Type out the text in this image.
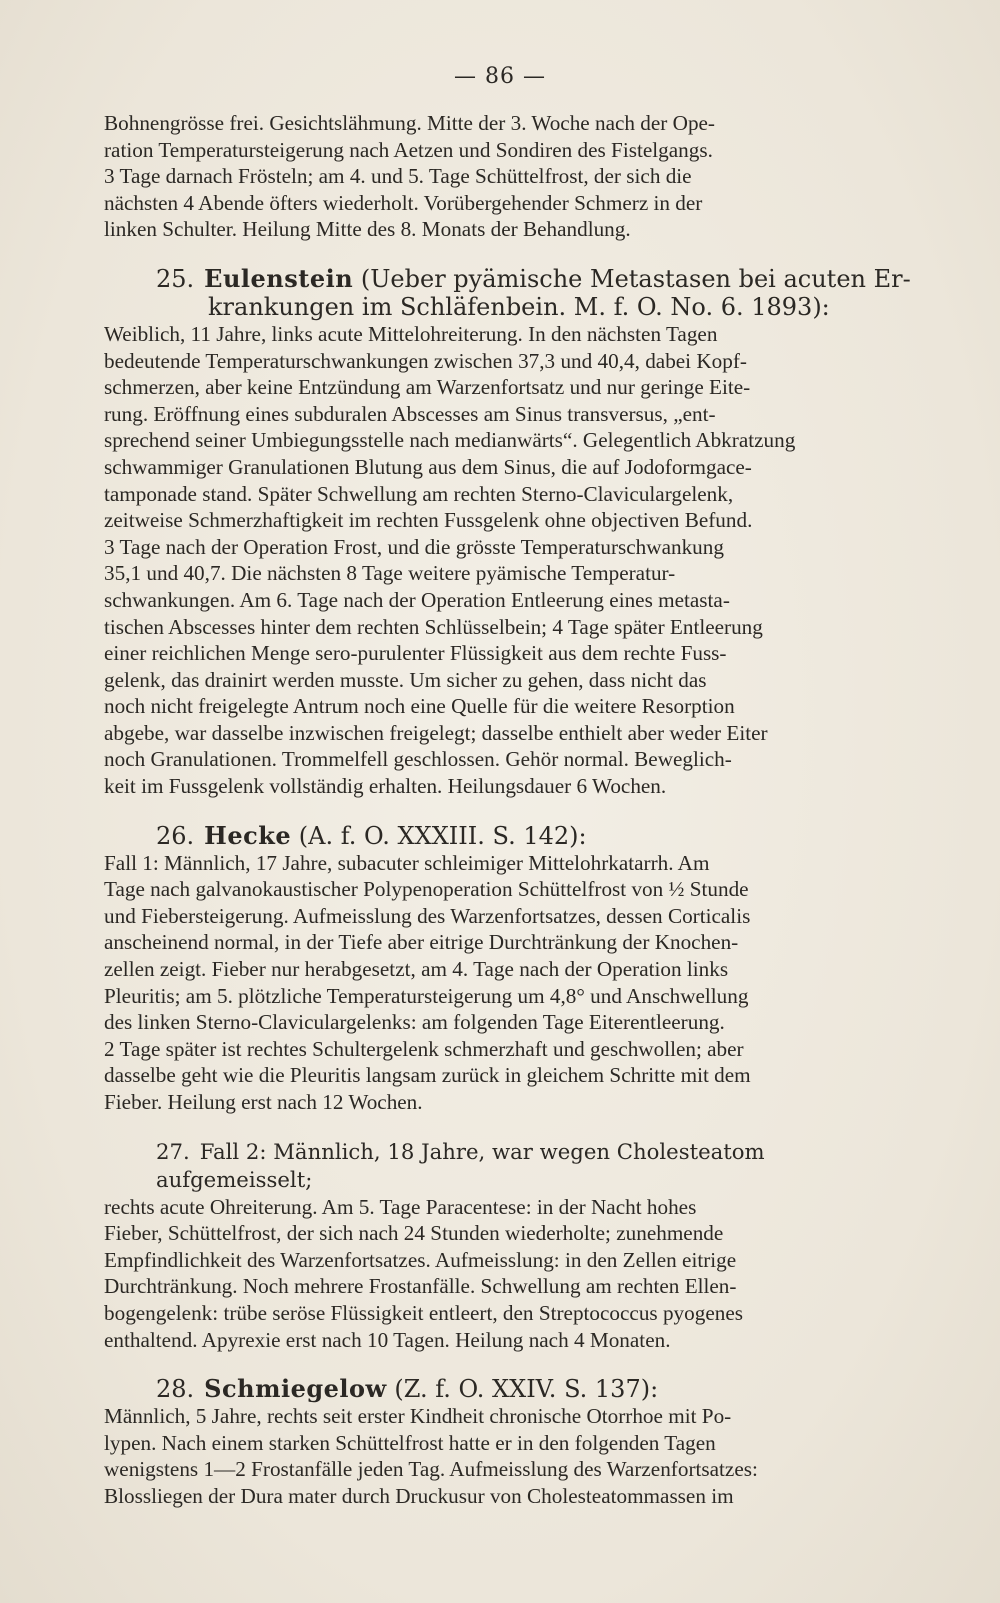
— 86 —

Bohnengrösse frei. Gesichtslähmung. Mitte der 3. Woche nach der Ope-
ration Temperatursteigerung nach Aetzen und Sondiren des Fistelgangs.
3 Tage darnach Frösteln; am 4. und 5. Tage Schüttelfrost, der sich die
nächsten 4 Abende öfters wiederholt. Vorübergehender Schmerz in der
linken Schulter. Heilung Mitte des 8. Monats der Behandlung.

25. Eulenstein (Ueber pyämische Metastasen bei acuten Er-
krankungen im Schläfenbein. M. f. O. No. 6. 1893):

Weiblich, 11 Jahre, links acute Mittelohreiterung. In den nächsten Tagen
bedeutende Temperaturschwankungen zwischen 37,3 und 40,4, dabei Kopf-
schmerzen, aber keine Entzündung am Warzenfortsatz und nur geringe Eite-
rung. Eröffnung eines subduralen Abscesses am Sinus transversus, „ent-
sprechend seiner Umbiegungsstelle nach medianwärts“. Gelegentlich Abkratzung
schwammiger Granulationen Blutung aus dem Sinus, die auf Jodoformgace-
tamponade stand. Später Schwellung am rechten Sterno-Claviculargelenk,
zeitweise Schmerzhaftigkeit im rechten Fussgelenk ohne objectiven Befund.
3 Tage nach der Operation Frost, und die grösste Temperaturschwankung
35,1 und 40,7. Die nächsten 8 Tage weitere pyämische Temperatur-
schwankungen. Am 6. Tage nach der Operation Entleerung eines metasta-
tischen Abscesses hinter dem rechten Schlüsselbein; 4 Tage später Entleerung
einer reichlichen Menge sero-purulenter Flüssigkeit aus dem rechte Fuss-
gelenk, das drainirt werden musste. Um sicher zu gehen, dass nicht das
noch nicht freigelegte Antrum noch eine Quelle für die weitere Resorption
abgebe, war dasselbe inzwischen freigelegt; dasselbe enthielt aber weder Eiter
noch Granulationen. Trommelfell geschlossen. Gehör normal. Beweglich-
keit im Fussgelenk vollständig erhalten. Heilungsdauer 6 Wochen.

26. Hecke (A. f. O. XXXIII. S. 142):

Fall 1: Männlich, 17 Jahre, subacuter schleimiger Mittelohrkatarrh. Am
Tage nach galvanokaustischer Polypenoperation Schüttelfrost von ½ Stunde
und Fiebersteigerung. Aufmeisslung des Warzenfortsatzes, dessen Corticalis
anscheinend normal, in der Tiefe aber eitrige Durchtränkung der Knochen-
zellen zeigt. Fieber nur herabgesetzt, am 4. Tage nach der Operation links
Pleuritis; am 5. plötzliche Temperatursteigerung um 4,8° und Anschwellung
des linken Sterno-Claviculargelenks: am folgenden Tage Eiterentleerung.
2 Tage später ist rechtes Schultergelenk schmerzhaft und geschwollen; aber
dasselbe geht wie die Pleuritis langsam zurück in gleichem Schritte mit dem
Fieber. Heilung erst nach 12 Wochen.

27. Fall 2: Männlich, 18 Jahre, war wegen Cholesteatom aufgemeisselt;

rechts acute Ohreiterung. Am 5. Tage Paracentese: in der Nacht hohes
Fieber, Schüttelfrost, der sich nach 24 Stunden wiederholte; zunehmende
Empfindlichkeit des Warzenfortsatzes. Aufmeisslung: in den Zellen eitrige
Durchtränkung. Noch mehrere Frostanfälle. Schwellung am rechten Ellen-
bogengelenk: trübe seröse Flüssigkeit entleert, den Streptococcus pyogenes
enthaltend. Apyrexie erst nach 10 Tagen. Heilung nach 4 Monaten.

28. Schmiegelow (Z. f. O. XXIV. S. 137):

Männlich, 5 Jahre, rechts seit erster Kindheit chronische Otorrhoe mit Po-
lypen. Nach einem starken Schüttelfrost hatte er in den folgenden Tagen
wenigstens 1—2 Frostanfälle jeden Tag. Aufmeisslung des Warzenfortsatzes:
Blossliegen der Dura mater durch Druckusur von Cholesteatommassen im
